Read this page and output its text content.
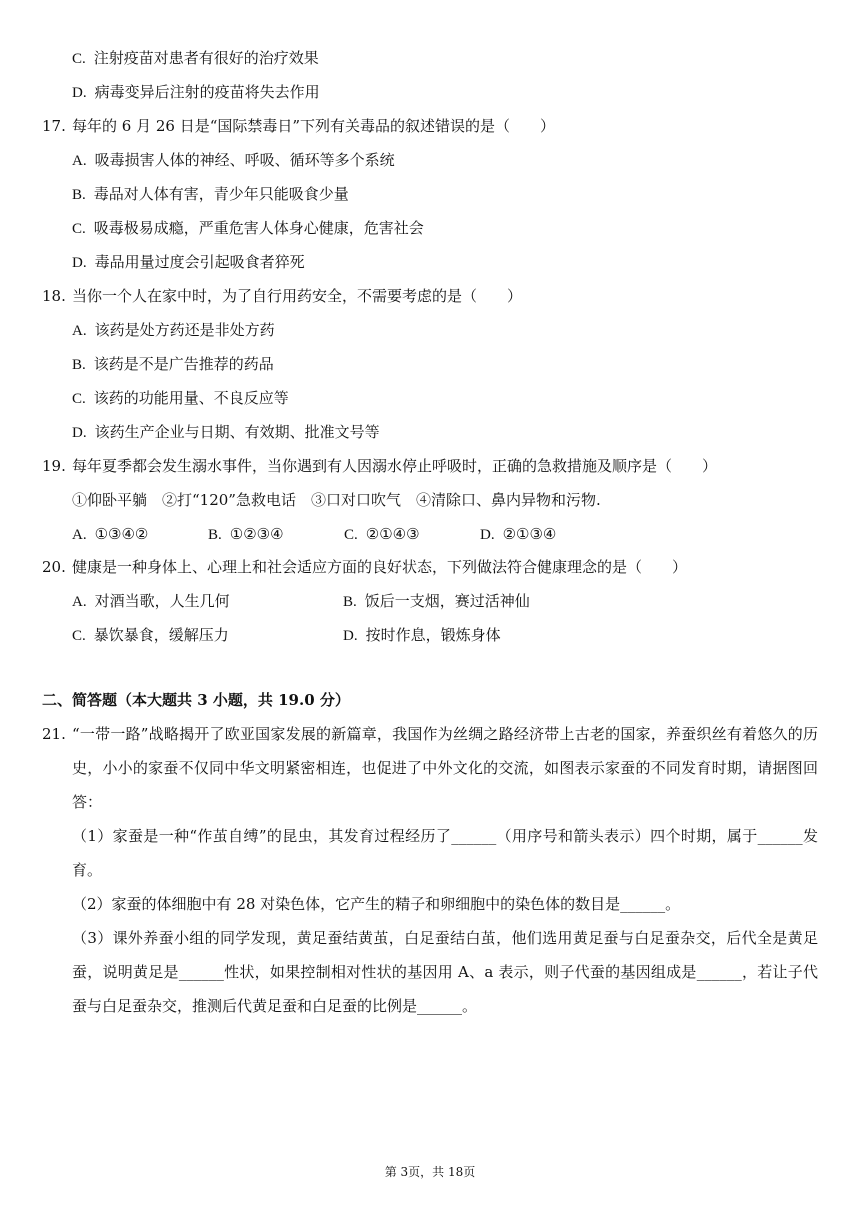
C. 注射疫苗对患者有很好的治疗效果
D. 病毒变异后注射的疫苗将失去作用
17. 每年的 6 月 26 日是“国际禁毒日”下列有关毒品的叙述错误的是（　　）
A. 吸毒损害人体的神经、呼吸、循环等多个系统
B. 毒品对人体有害，青少年只能吸食少量
C. 吸毒极易成瘾，严重危害人体身心健康，危害社会
D. 毒品用量过度会引起吸食者猝死
18. 当你一个人在家中时，为了自行用药安全，不需要考虑的是（　　）
A. 该药是处方药还是非处方药
B. 该药是不是广告推荐的药品
C. 该药的功能用量、不良反应等
D. 该药生产企业与日期、有效期、批准文号等
19. 每年夏季都会发生溺水事件，当你遇到有人因溺水停止呼吸时，正确的急救措施及顺序是（　　）
①仰卧平躺　②打“120”急救电话　③口对口吹气　④清除口、鼻内异物和污物.
A. ①③④②	B. ①②③④	C. ②①④③	D. ②①③④
20. 健康是一种身体上、心理上和社会适应方面的良好状态，下列做法符合健康理念的是（　　）
A. 对酒当歌，人生几何	B. 饭后一支烟，赛过活神仙
C. 暴饮暴食，缓解压力	D. 按时作息，锻炼身体
二、简答题（本大题共 3 小题，共 19.0 分）
21. “一带一路”战略揭开了欧亚国家发展的新篇章，我国作为丝绸之路经济带上古老的国家，养蚕织丝有着悠久的历史，小小的家蚕不仅同中华文明紧密相连，也促进了中外文化的交流，如图表示家蚕的不同发育时期，请据图回答：
（1）家蚕是一种“作茧自缚”的昆虫，其发育过程经历了______（用序号和箭头表示）四个时期，属于______发育。
（2）家蚕的体细胞中有 28 对染色体，它产生的精子和卵细胞中的染色体的数目是______。
（3）课外养蚕小组的同学发现，黄足蚕结黄茧，白足蚕结白茧，他们选用黄足蚕与白足蚕杂交，后代全是黄足蚕，说明黄足是______性状，如果控制相对性状的基因用 A、a 表示，则子代蚕的基因组成是______，若让子代蚕与白足蚕杂交，推测后代黄足蚕和白足蚕的比例是______。
第 3页，共 18页
